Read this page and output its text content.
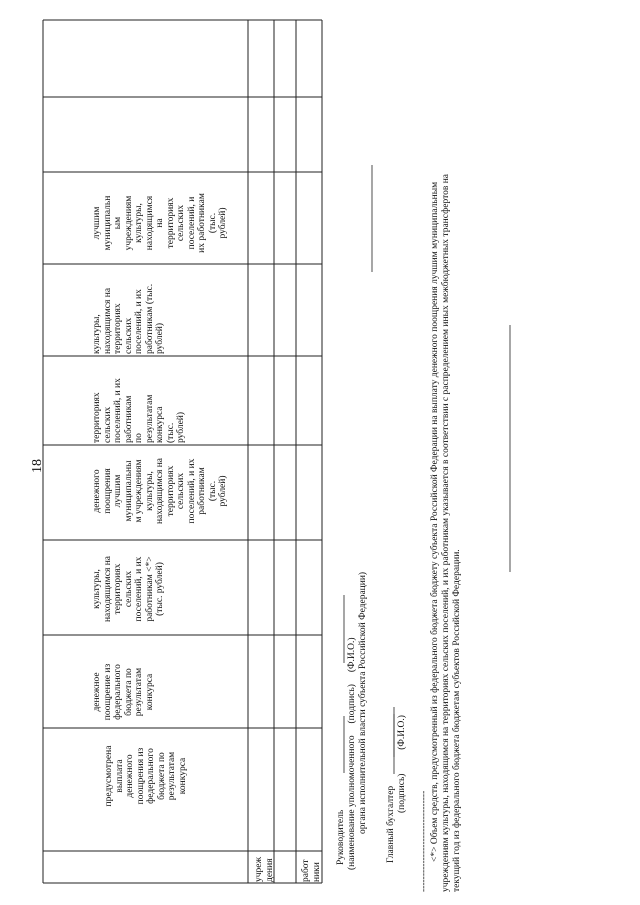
18
предусмотрена
выплата
денежного
поощрения из
федерального
бюджета по
результатам
конкурса
денежное
поощрение из
федерального
бюджета по
результатам
конкурса
культуры,
находящимся на
территориях
сельских
поселений, и их
работникам <*>
(тыс. рублей)
денежного
поощрения
лучшим
муниципальны
м учреждениям
культуры,
находящимся на
территориях
сельских
поселений, и их
работникам
(тыс.
рублей)
территориях
сельских
поселений, и их
работникам
по
результатам
конкурса
(тыс.
рублей)
культуры,
находящимся на
территориях
сельских
поселений, и их
работникам (тыс.
рублей)
лучшим
муниципальн
ым
учреждениям
культуры,
находящимся
на
территориях
сельских
поселений, и
их работникам
(тыс.
рублей)
учреж
дения	работ
ники
Руководитель (наименование уполномоченного     (подпись)     (Ф.И.О.) органа исполнительной власти субъекта Российской Федерации) Главный бухгалтер
(подпись)          (Ф.И.О.)
-------------------------------- <*> Объем средств, предусмотренный из федерального бюджета бюджету субъекта Российской Федерации на выплату денежного поощрения лучшим муниципальным учреждениям культуры, находящимся на территориях сельских поселений, и их работникам указывается в соответствии с распределением иных межбюджетных трансфертов на текущий год из федерального бюджета бюджетам субъектов Российской Федерации.
